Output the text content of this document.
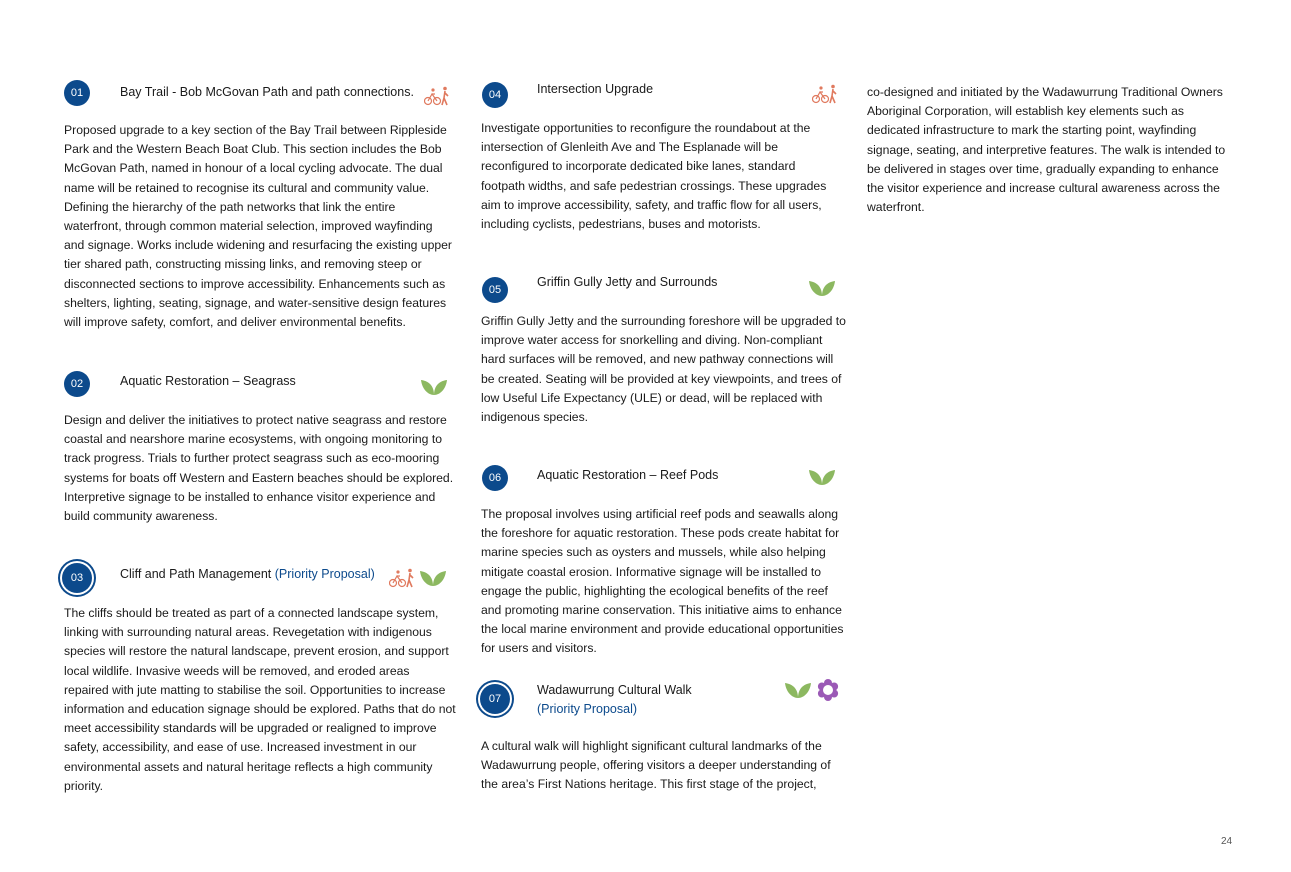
01	Bay Trail - Bob McGovan Path and path connections.

Proposed upgrade to a key section of the Bay Trail between Rippleside Park and the Western Beach Boat Club. This section includes the Bob McGovan Path, named in honour of a local cycling advocate. The dual name will be retained to recognise its cultural and community value. Defining the hierarchy of the path networks that link the entire waterfront, through common material selection, improved wayfinding and signage. Works include widening and resurfacing the existing upper tier shared path, constructing missing links, and removing steep or disconnected sections to improve accessibility. Enhancements such as shelters, lighting, seating, signage, and water-sensitive design features will improve safety, comfort, and deliver environmental benefits.

02	Aquatic Restoration – Seagrass

Design and deliver the initiatives to protect native seagrass and restore coastal and nearshore marine ecosystems, with ongoing monitoring to track progress. Trials to further protect seagrass such as eco-mooring systems for boats off Western and Eastern beaches should be explored. Interpretive signage to be installed to enhance visitor experience and build community awareness.

03	Cliff and Path Management (Priority Proposal)

The cliffs should be treated as part of a connected landscape system, linking with surrounding natural areas. Revegetation with indigenous species will restore the natural landscape, prevent erosion, and support local wildlife. Invasive weeds will be removed, and eroded areas repaired with jute matting to stabilise the soil. Opportunities to increase information and education signage should be explored. Paths that do not meet accessibility standards will be upgraded or realigned to improve safety, accessibility, and ease of use. Increased investment in our environmental assets and natural heritage reflects a high community priority.

04	Intersection Upgrade

Investigate opportunities to reconfigure the roundabout at the intersection of Glenleith Ave and The Esplanade will be reconfigured to incorporate dedicated bike lanes, standard footpath widths, and safe pedestrian crossings. These upgrades aim to improve accessibility, safety, and traffic flow for all users, including cyclists, pedestrians, buses and motorists.

05
Griffin Gully Jetty and Surrounds

Griffin Gully Jetty and the surrounding foreshore will be upgraded to improve water access for snorkelling and diving. Non-compliant hard surfaces will be removed, and new pathway connections will be created. Seating will be provided at key viewpoints, and trees of low Useful Life Expectancy (ULE) or dead, will be replaced with indigenous species.

06	Aquatic Restoration – Reef Pods

The proposal involves using artificial reef pods and seawalls along the foreshore for aquatic restoration. These pods create habitat for marine species such as oysters and mussels, while also helping mitigate coastal erosion. Informative signage will be installed to engage the public, highlighting the ecological benefits of the reef and promoting marine conservation. This initiative aims to enhance the local marine environment and provide educational opportunities for users and visitors.

07
Wadawurrung Cultural Walk
(Priority Proposal)

A cultural walk will highlight significant cultural landmarks of the Wadawurrung people, offering visitors a deeper understanding of the area’s First Nations heritage. This first stage of the project,

co-designed and initiated by the Wadawurrung Traditional Owners Aboriginal Corporation, will establish key elements such as dedicated infrastructure to mark the starting point, wayfinding signage, seating, and interpretive features. The walk is intended to be delivered in stages over time, gradually expanding to enhance the visitor experience and increase cultural awareness across the waterfront.

24
